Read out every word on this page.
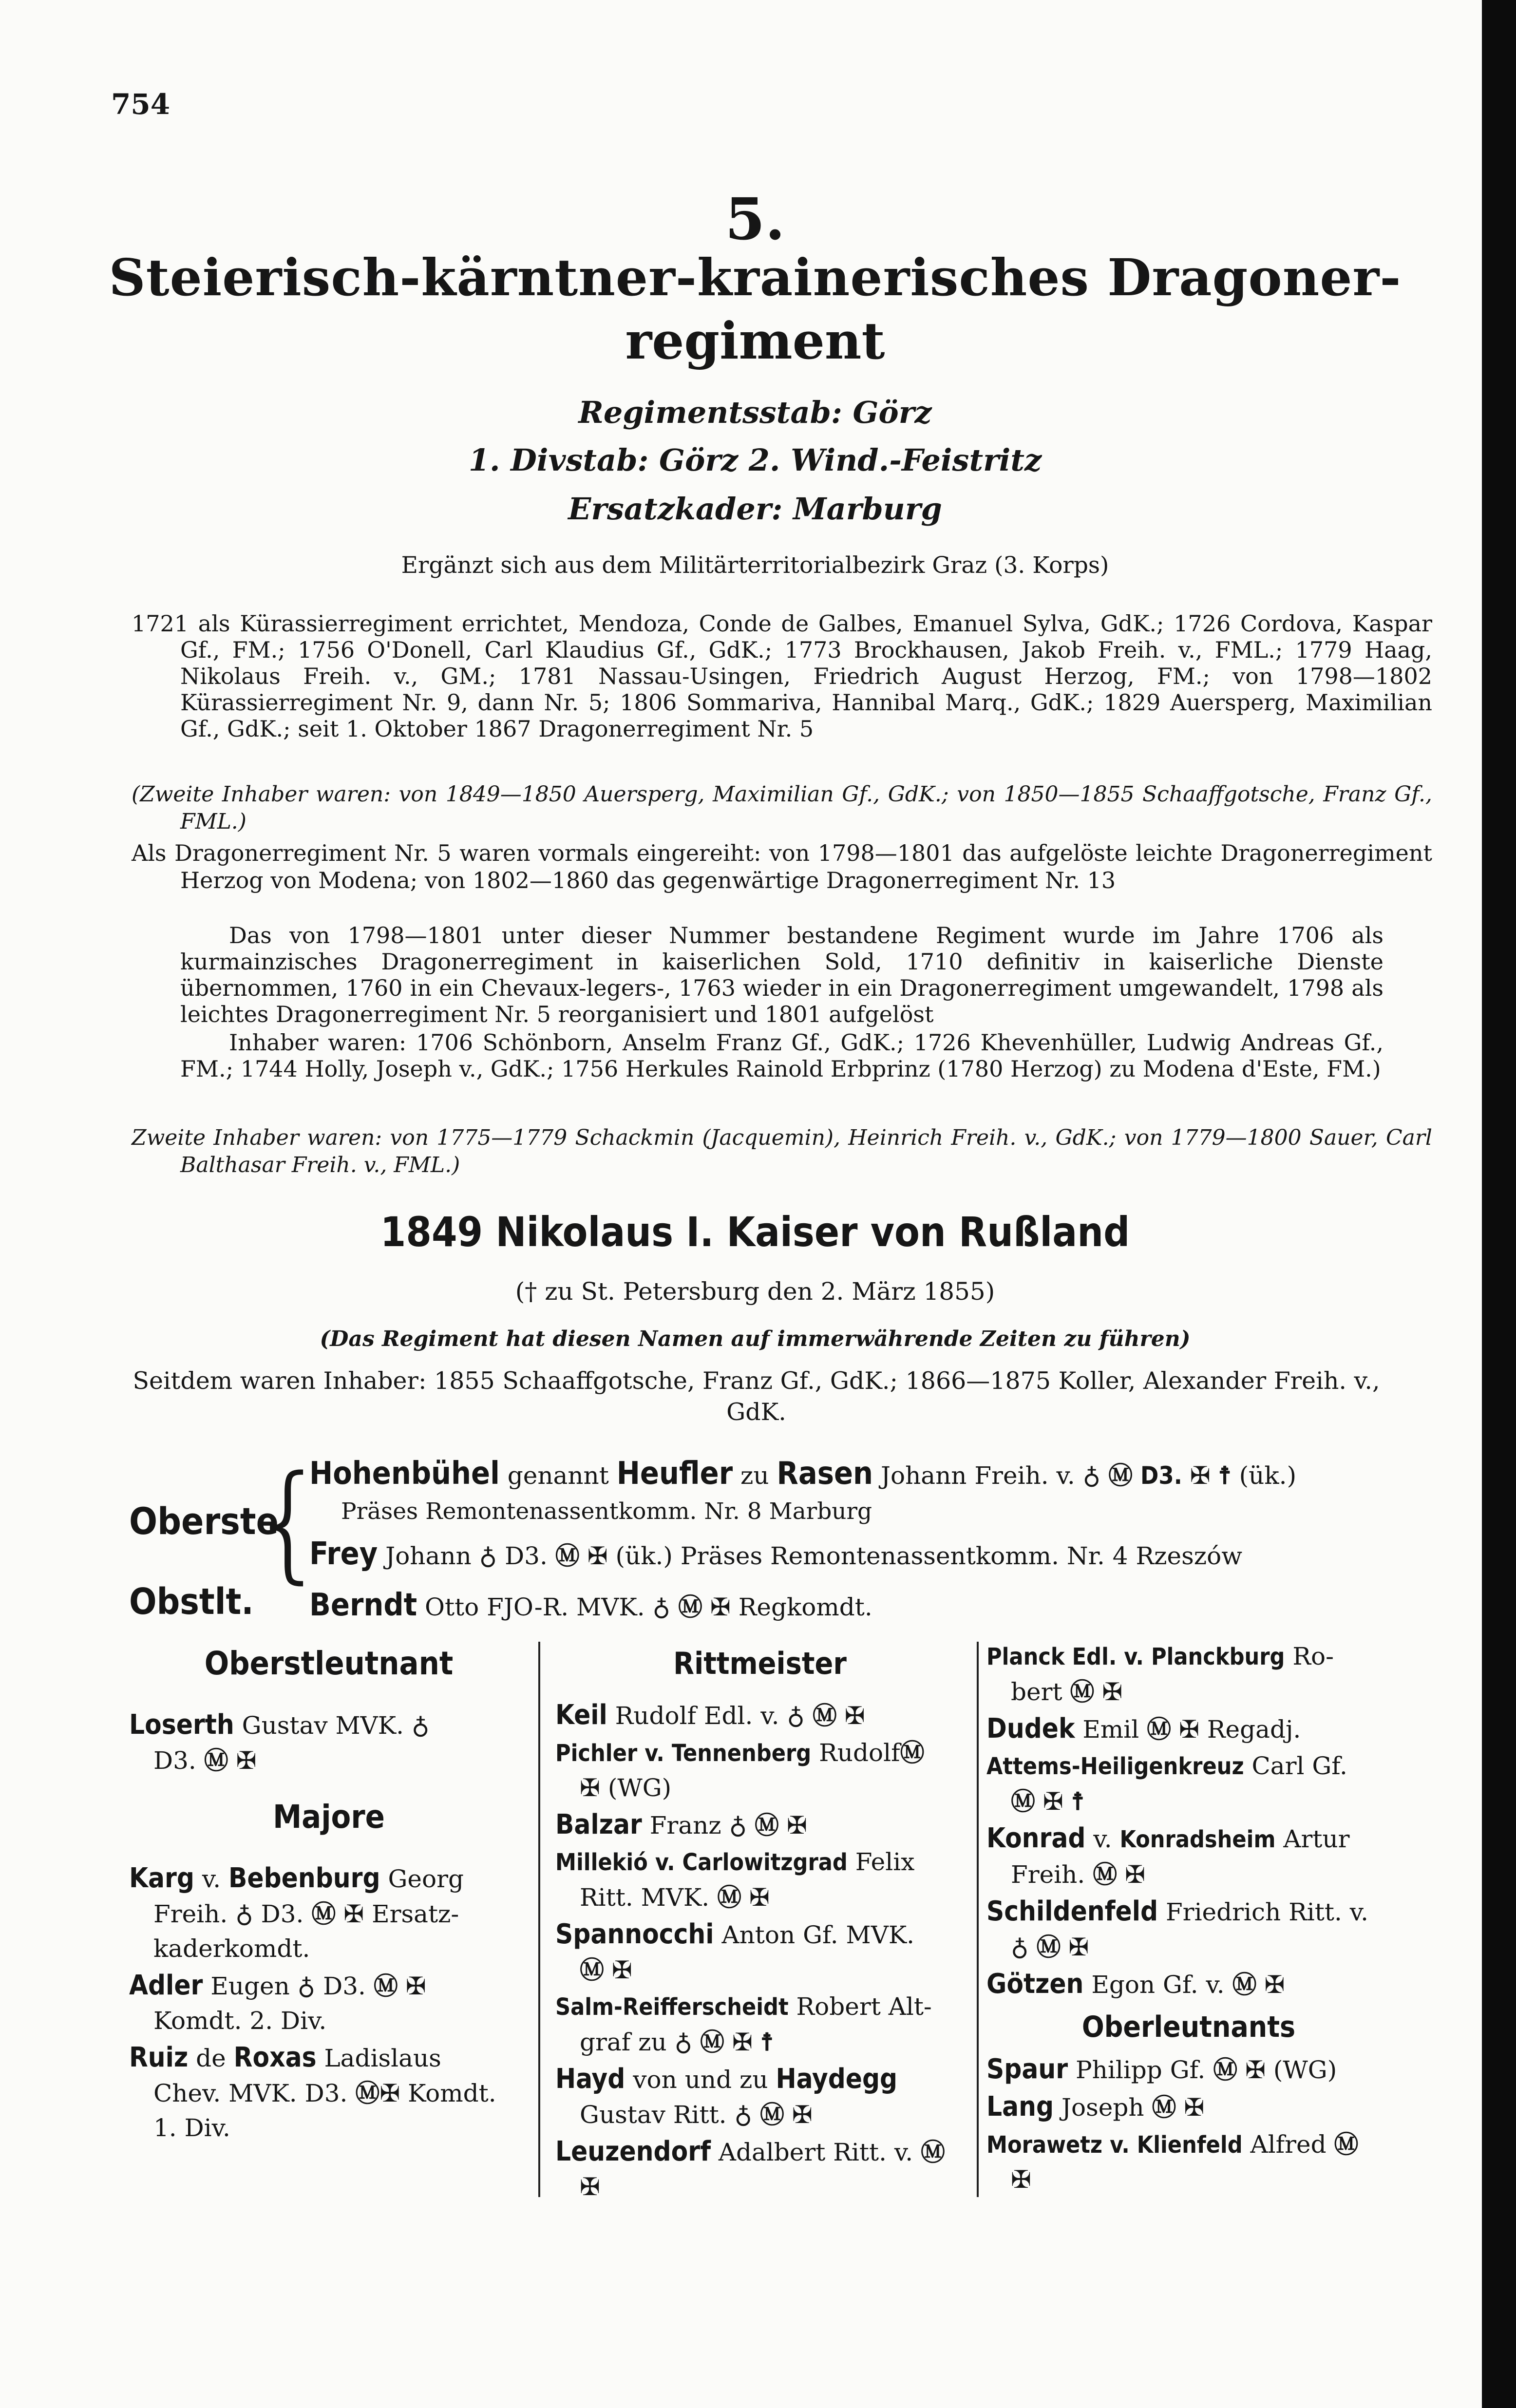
754
5.
Steierisch-kärntner-krainerisches Dragoner-
regiment
Regimentsstab: Görz
1. Divstab: Görz 2. Wind.-Feistritz
Ersatzkader: Marburg
Ergänzt sich aus dem Militärterritorialbezirk Graz (3. Korps)
1721 als Kürassierregiment errichtet, Mendoza, Conde de Galbes, Emanuel Sylva, GdK.; 1726 Cordova, Kaspar Gf., FM.; 1756 O'Donell, Carl Klaudius Gf., GdK.; 1773 Brockhausen, Jakob Freih. v., FML.; 1779 Haag, Nikolaus Freih. v., GM.; 1781 Nassau-Usingen, Friedrich August Herzog, FM.; von 1798—1802 Kürassierregiment Nr. 9, dann Nr. 5; 1806 Sommariva, Hannibal Marq., GdK.; 1829 Auersperg, Maximilian Gf., GdK.; seit 1. Oktober 1867 Dragonerregiment Nr. 5
(Zweite Inhaber waren: von 1849—1850 Auersperg, Maximilian Gf., GdK.; von 1850—1855 Schaaffgotsche, Franz Gf., FML.)
Als Dragonerregiment Nr. 5 waren vormals eingereiht: von 1798—1801 das aufgelöste leichte Dragonerregiment Herzog von Modena; von 1802—1860 das gegenwärtige Dragonerregiment Nr. 13
Das von 1798—1801 unter dieser Nummer bestandene Regiment wurde im Jahre 1706 als kurmainzisches Dragonerregiment in kaiserlichen Sold, 1710 definitiv in kaiserliche Dienste übernommen, 1760 in ein Chevaux-legers-, 1763 wieder in ein Dragonerregiment umgewandelt, 1798 als leichtes Dragonerregiment Nr. 5 reorganisiert und 1801 aufgelöst
Inhaber waren: 1706 Schönborn, Anselm Franz Gf., GdK.; 1726 Khevenhüller, Ludwig Andreas Gf., FM.; 1744 Holly, Joseph v., GdK.; 1756 Herkules Rainold Erbprinz (1780 Herzog) zu Modena d'Este, FM.)
Zweite Inhaber waren: von 1775—1779 Schackmin (Jacquemin), Heinrich Freih. v., GdK.; von 1779—1800 Sauer, Carl Balthasar Freih. v., FML.)
1849 Nikolaus I. Kaiser von Rußland
(† zu St. Petersburg den 2. März 1855)
(Das Regiment hat diesen Namen auf immerwährende Zeiten zu führen)
Seitdem waren Inhaber: 1855 Schaaffgotsche, Franz Gf., GdK.; 1866—1875 Koller, Alexander Freih. v., GdK.
Oberste
{
Hohenbühel genannt Heufler zu Rasen Johann Freih. v. ♁ Ⓜ D3. ✠ ☨ (ük.)
Präses Remontenassentkomm. Nr. 8 Marburg
Frey Johann ♁ D3. Ⓜ ✠ (ük.) Präses Remontenassentkomm. Nr. 4 Rzeszów
Obstlt. Berndt Otto FJO-R. MVK. ♁ Ⓜ ✠ Regkomdt.
Oberstleutnant
Loserth Gustav MVK. ♁
D3. Ⓜ ✠
Majore
Karg v. Bebenburg Georg
Freih. ♁ D3. Ⓜ ✠ Ersatz-
kaderkomdt.
Adler Eugen ♁ D3. Ⓜ ✠
Komdt. 2. Div.
Ruiz de Roxas Ladislaus
Chev. MVK. D3. Ⓜ✠ Komdt.
1. Div.
Rittmeister
Keil Rudolf Edl. v. ♁ Ⓜ ✠
Pichler v. Tennenberg RudolfⓂ
✠ (WG)
Balzar Franz ♁ Ⓜ ✠
Millekió v. Carlowitzgrad Felix
Ritt. MVK. Ⓜ ✠
Spannocchi Anton Gf. MVK.
Ⓜ ✠
Salm-Reifferscheidt Robert Alt-
graf zu ♁ Ⓜ ✠ ☨
Hayd von und zu Haydegg
Gustav Ritt. ♁ Ⓜ ✠
Leuzendorf Adalbert Ritt. v. Ⓜ
✠
Planck Edl. v. Planckburg Ro-
bert Ⓜ ✠
Dudek Emil Ⓜ ✠ Regadj.
Attems-Heiligenkreuz Carl Gf.
Ⓜ ✠ ☨
Konrad v. Konradsheim Artur
Freih. Ⓜ ✠
Schildenfeld Friedrich Ritt. v.
♁ Ⓜ ✠
Götzen Egon Gf. v. Ⓜ ✠
Oberleutnants
Spaur Philipp Gf. Ⓜ ✠ (WG)
Lang Joseph Ⓜ ✠
Morawetz v. Klienfeld Alfred Ⓜ
✠
